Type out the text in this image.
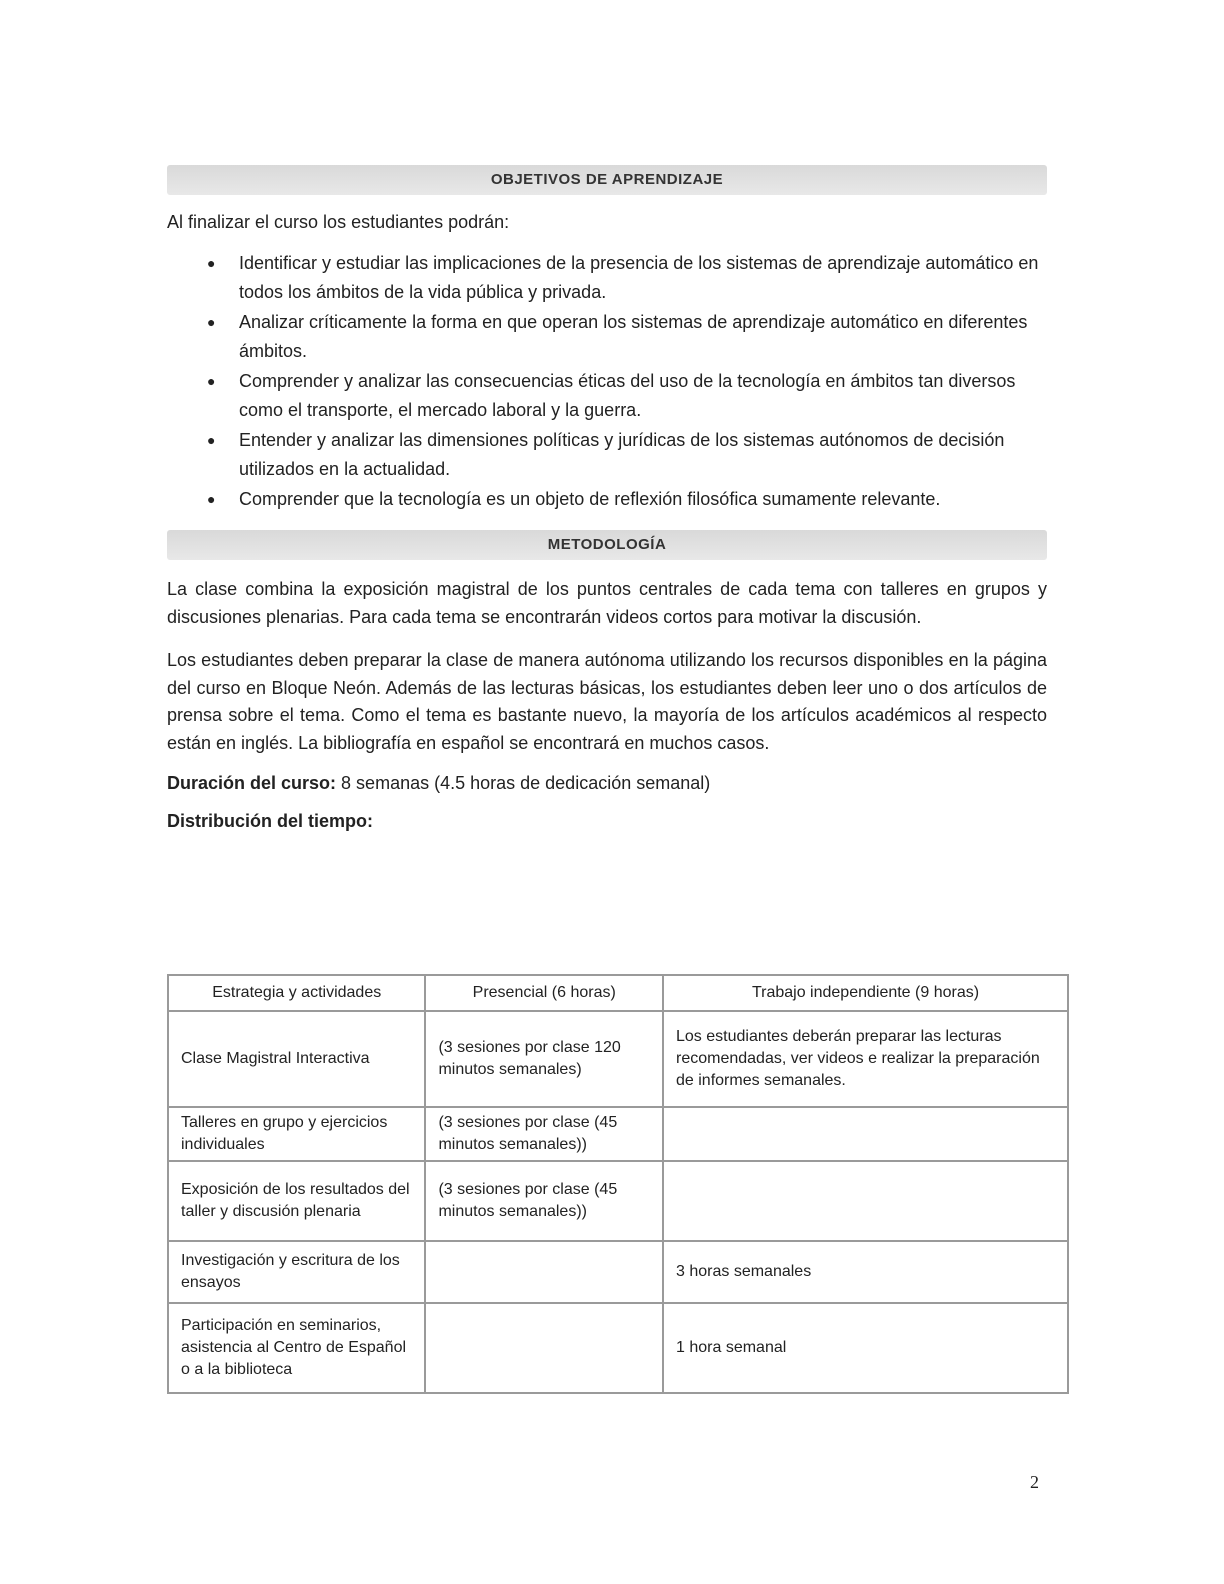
OBJETIVOS DE APRENDIZAJE
Al finalizar el curso los estudiantes podrán:
● Identificar y estudiar las implicaciones de la presencia de los sistemas de aprendizaje automático en todos los ámbitos de la vida pública y privada.
● Analizar críticamente la forma en que operan los sistemas de aprendizaje automático en diferentes ámbitos.
● Comprender y analizar las consecuencias éticas del uso de la tecnología en ámbitos tan diversos como el transporte, el mercado laboral y la guerra.
● Entender y analizar las dimensiones políticas y jurídicas de los sistemas autónomos de decisión utilizados en la actualidad.
● Comprender que la tecnología es un objeto de reflexión filosófica sumamente relevante.
METODOLOGÍA

La clase combina la exposición magistral de los puntos centrales de cada tema con talleres en grupos y discusiones plenarias. Para cada tema se encontrarán videos cortos para motivar la discusión.

Los estudiantes deben preparar la clase de manera autónoma utilizando los recursos disponibles en la página del curso en Bloque Neón. Además de las lecturas básicas, los estudiantes deben leer uno o dos artículos de prensa sobre el tema. Como el tema es bastante nuevo, la mayoría de los artículos académicos al respecto están en inglés. La bibliografía en español se encontrará en muchos casos.

Duración del curso: 8 semanas (4.5 horas de dedicación semanal)

Distribución del tiempo:

Estrategia y actividades	Presencial (6 horas)	Trabajo independiente (9 horas)
Clase Magistral Interactiva	(3 sesiones por clase 120 minutos semanales)	Los estudiantes deberán preparar las lecturas recomendadas, ver videos e realizar la preparación de informes semanales.
Talleres en grupo y ejercicios individuales	(3 sesiones por clase (45 minutos semanales))	
Exposición de los resultados del taller y discusión plenaria	(3 sesiones por clase (45 minutos semanales))	
Investigación y escritura de los ensayos		3 horas semanales
Participación en seminarios, asistencia al Centro de Español o a la biblioteca		1 hora semanal
2
